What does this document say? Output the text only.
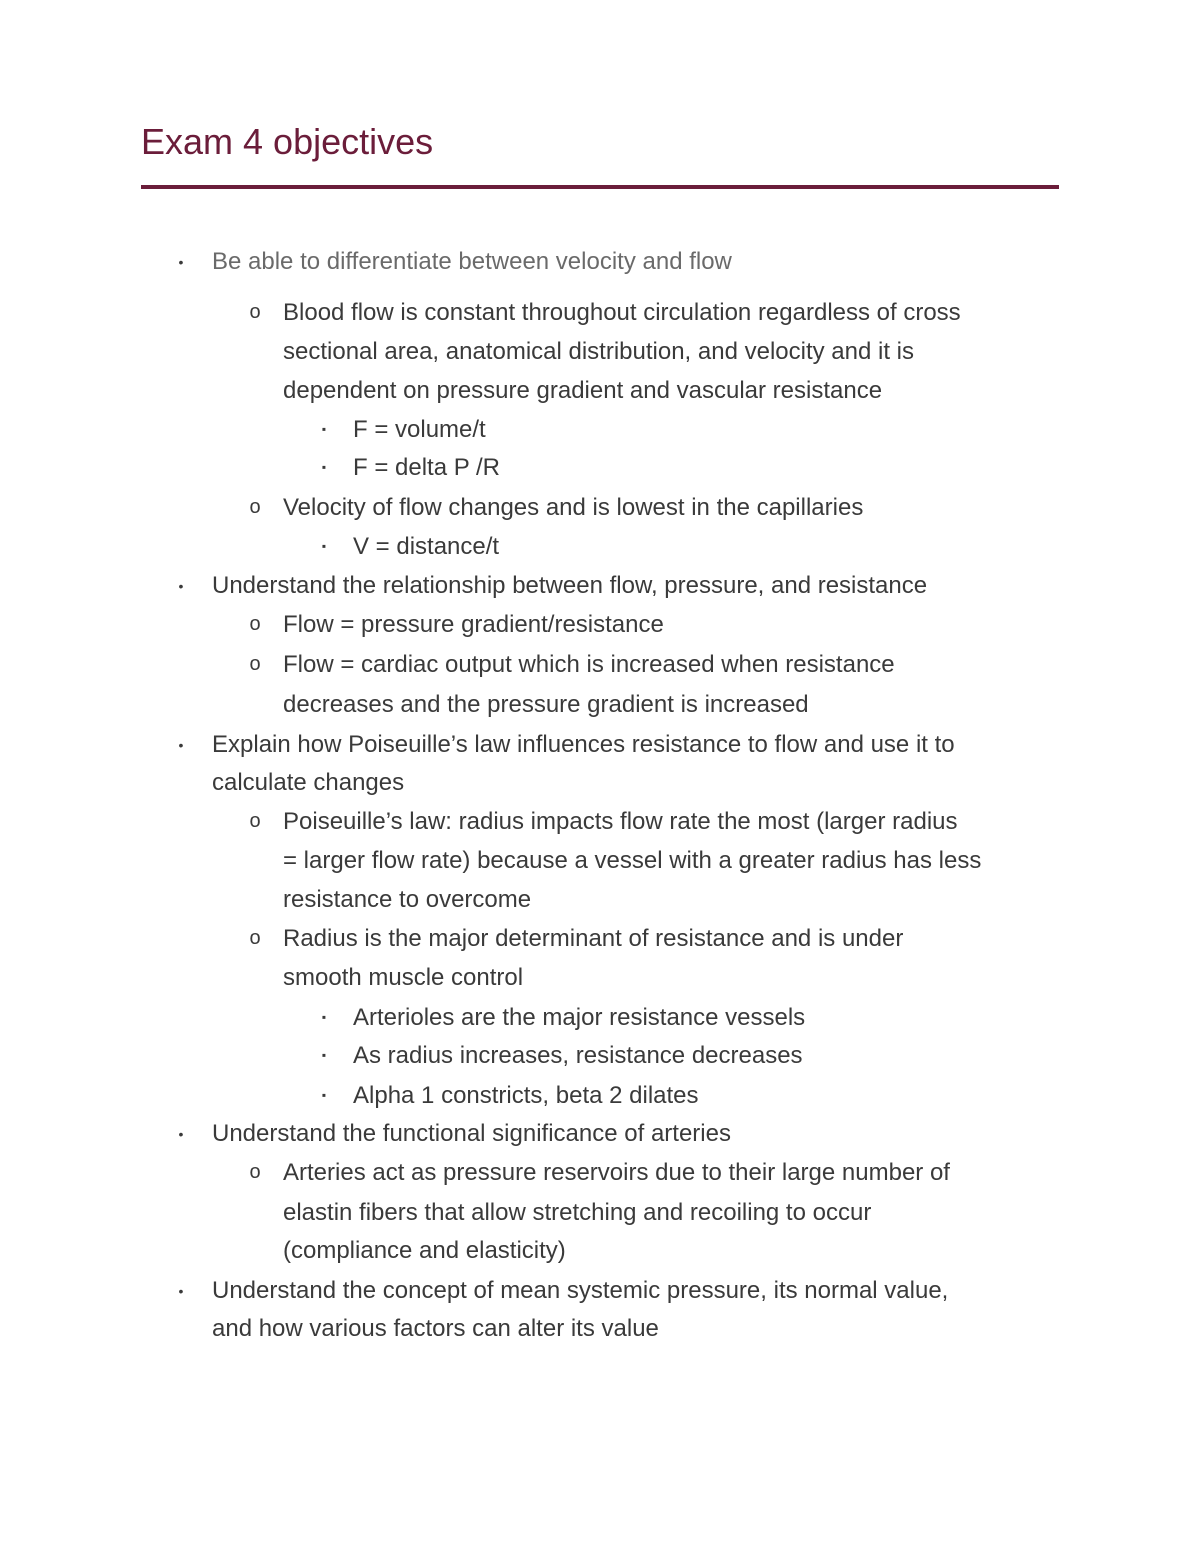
Exam 4 objectives
• Be able to differentiate between velocity and flow
o Blood flow is constant throughout circulation regardless of cross
sectional area, anatomical distribution, and velocity and it is
dependent on pressure gradient and vascular resistance
▪ F = volume/t
▪ F = delta P /R
o Velocity of flow changes and is lowest in the capillaries
▪ V = distance/t
• Understand the relationship between flow, pressure, and resistance
o Flow = pressure gradient/resistance
o Flow = cardiac output which is increased when resistance
decreases and the pressure gradient is increased
• Explain how Poiseuille’s law influences resistance to flow and use it to
calculate changes
o Poiseuille’s law: radius impacts flow rate the most (larger radius
= larger flow rate) because a vessel with a greater radius has less
resistance to overcome
o Radius is the major determinant of resistance and is under
smooth muscle control
▪ Arterioles are the major resistance vessels
▪ As radius increases, resistance decreases
▪ Alpha 1 constricts, beta 2 dilates
• Understand the functional significance of arteries
o Arteries act as pressure reservoirs due to their large number of
elastin fibers that allow stretching and recoiling to occur
(compliance and elasticity)
• Understand the concept of mean systemic pressure, its normal value,
and how various factors can alter its value
